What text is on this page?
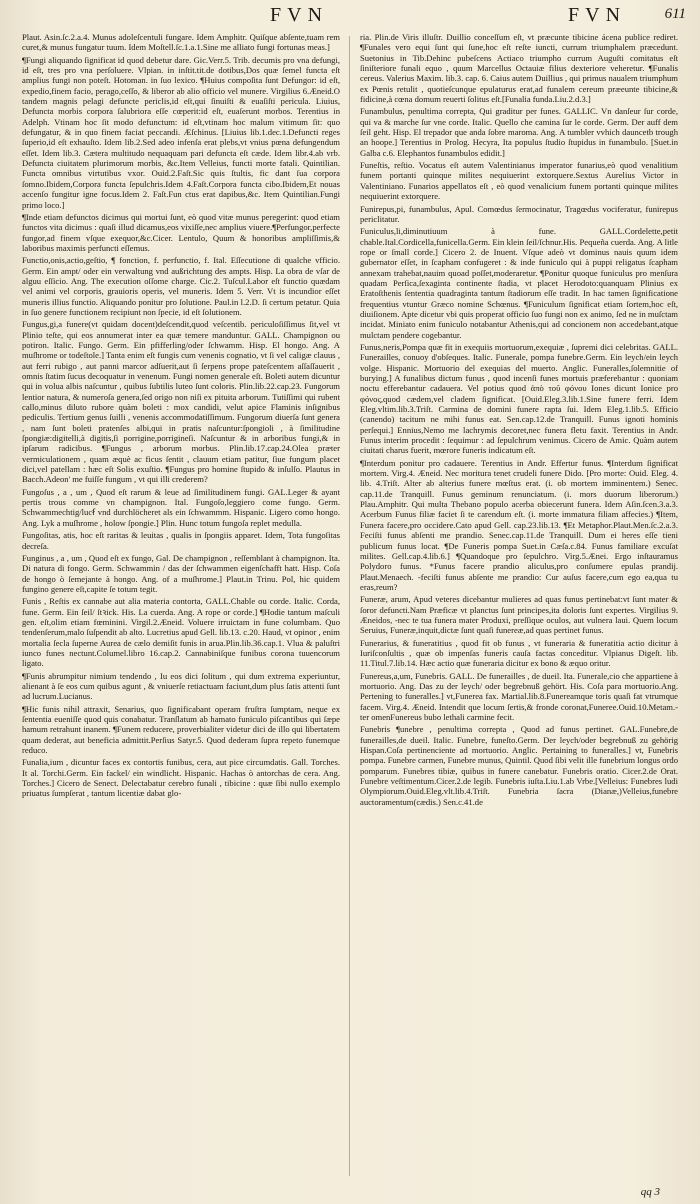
FVN	FVN	611

Plaut. Asin.ſc.2.a.4. Munus adoleſcentuli fungare. Idem Amphitr. Quiſque abſente,tuam rem curet,& munus fungatur tuum. Idem Moſtell.ſc.1.a.1.Sine me alliato fungi fortunas meas.]

¶Fungi aliquando ſignificat id quod debetur dare. Gic.Verr.5. Trib. decumis pro vna defungi, id eſt, tres pro vna perſoluere. Vlpian. in inſtit.tit.de dotibus,Dos quæ ſemel functa eſt amplius fungi non poteſt. Hotoman. in ſuo lexico. ¶Huius compoſita ſunt Defungor: id eſt, expedio,finem facio, perago,ceſſo, & liberor ab alio officio vel munere. Virgilius 6.Æneid.O tandem magnis pelagi defuncte periclis,id eſt,qui ſinuiſti & euaſiſti pericula. Liuius, Defuncta morbis corpora ſalubriora eſſe cœperit:id eſt, euaſerunt morbos. Terentius in Adelph. Vtinam hoc ſit modo defunctum: id eſt,vtinam hoc malum vitimum ſit: quo defungatur, & in quo finem faciat peccandi. Æſchinus. [Liuius lib.1.dec.1.Defuncti reges ſuperio,id eſt exhauſto. Idem lib.2.Sed adeo infenſa erat plebs,vt vnius pœna defungendum eſſet. Idem lib.3. Cætera multitudo nequaquam pari defuncta eſt cæde. Idem libr.4.ab vrb. Defuncta ciuitatem plurimorum morbis, &c.Item Velleius, functi morte fatali. Quintilian. Functa omnibus virtutibus vxor. Ouid.2.Faſt.Sic quis ſtultis, fic dant ſua corpora ſomno.Ibidem,Corpora functa ſepulchris.Idem 4.Faſt.Corpora functa cibo.Ibidem,Et nouas accenſo fungitur igne focus.Idem 2. Faſt.Fun ctus erat dapibus,&c. Item Quintilian.Fungi primo loco.]

¶Inde etiam defunctos dicimus qui mortui ſunt, eò quod vitæ munus peregerint: quod etiam functos vita dicimus : quaſi illud dicamus,eos vixiſſe,nec amplius viuere.¶Perfungor,perfecte fungor,ad finem vſque exequor,&c.Cicer. Lentulo, Quum & honoribus ampliſſimis,& laboribus maximis perfuncti eſſemus.

Functio,onis,actio,geſtio, ¶ fonction, f. perfunctio, f. Ital. Eſſecutione di qualche vfficio. Germ. Ein ampt/ oder ein verwaltung vnd außrichtung des ampts. Hisp. La obra de vſar de alguu eſſicio. Ang. The execution oſſome charge. Cic.2. Tuſcul.Labor eſt functio quædam vel animi vel corporis, grauioris operis, vel muneris. Idem 5. Verr. Vt is incundior eſſet muneris illius functio. Aliquando ponitur pro ſolutione. Paul.in l.2.D. ſi certum petatur. Quia in ſuo genere functionem recipiunt non ſpecie, id eſt ſolutionem.

Fungus,gi,a funere(vt quidam docent)deſcendit,quod veſcentib. periculoſiſſimus ſit,vel vt Plinio teſte, qui eos annumerat inter ea quæ temere manduntur. GALL. Champignon ou potiron. Italic. Fungo. Germ. Ein pfifferling/oder ſchwamm. Hisp. El hongo. Ang. A muſhrome or todeſtole.] Tanta enim eſt fungis cum venenis cognatio, vt ſi vel caligæ clauus , aut ferri rubigo , aut panni marcor adſuerit,aut ſi ſerpens prope pateſcentem aſſaſſauerit , omnis ſtatim ſucus decoquatur in venenum. Fungi nomen generale eſt. Boleti autem dicuntur qui in volua albis naſcuntur , quibus ſubtilis luteo ſunt coloris. Plin.lib.22.cap.23. Fungorum lentior natura, & numeroſa genera,ſed origo non niſi ex pituita arborum. Tutiſſimi qui rubent callo,minus diluto rubore quàm boleti : mox candidi, velut apice Flaminis inſignibus pediculis. Tertium genus ſuilli , venenis accommodatiſſimum. Fungorum diuerſa ſunt genera , nam ſunt boleti pratenſes albi,qui in pratis naſcuntur:ſpongioli , à ſimilitudine ſpongiæ:digitelli,à digitis,ſi porrigine,porrigineſi. Naſcuntur & in arboribus fungi,& in ipſarum radicibus. ¶Fungus , arborum morbus. Plin.lib.17.cap.24.Olea præter vermiculationem , quam æquè ac ficus ſentit , clauum etiam patitur, ſiue fungum placet dici,vel patellam : hæc eſt Solis exuſtio. ¶Fungus pro homine ſtupido & inſulſo. Plautus in Bacch.Adeon' me fuiſſe fungum , vt qui illi crederem?

Fungoſus , a , um , Quod eſt rarum & leue ad ſimilitudinem fungi. GAL.Leger & ayant pertis trous comme vn champignon. Ital. Fungoſo,leggiero come fungo. Germ. Schwammechtig/lucẜ vnd durchlöcheret als ein ſchwammm. Hispanic. Ligero como hongo. Ang. Lyk a muſhrome , holow ſpongie.] Plin. Hunc totum fungoſa replet medulla.

Fungoſitas, atis, hoc eſt raritas & leuitas , qualis in ſpongiis apparet. Idem, Tota fungoſitas decreſa.

Funginus , a , um , Quod eſt ex fungo, Gal. De champignon , reſſemblant à champignon. Ita. Di natura di fongo. Germ. Schwammin / das der ſchwammen eigenſchafft hatt. Hisp. Coſa de hongo ò ſemejante à hongo. Ang. of a muſhrome.] Plaut.in Trinu. Pol, hic quidem fungino genere eſt,capite ſe totum tegit.

Funis , Reſtis ex cannabe aut alia materia contorta, GALL.Chable ou corde. Italic. Corda, fune. Germ. Ein ſeil/ ſtꝛick. His. La cuerda. Ang. A rope or corde.] ¶Hodie tantum maſculi gen. eſt,olim etiam fœminini. Virgil.2.Æneid. Voluere irruictam in fune columbam. Quo tendenſerum,malo ſuſpendit ab alto. Lucretius apud Gell. lib.13. c.20. Haud, vt opinor , enim mortalia ſecla ſuperne Aurea de cælo demiſit funis in arua.Plin.lib.36.cap.1. Vlua & paluſtri iunco funes nectunt.Columel.libro 16.cap.2. Cannabiniſque funibus corona tuuencorum ligato.

¶Funis abrumpitur nimium tendendo , Iu eos dici ſolitum , qui dum extrema experiuntur, alienant à ſe eos cum quibus agunt , & vniuerſe retiactuam faciunt,dum plus ſatis attenti ſunt ad lucrum.Lucianus.

¶Hic funis nihil attraxit, Senarius, quo ſignificabant operam fruſtra ſumptam, neque ex ſententia eueniſſe quod quis conabatur. Tranſlatum ab hamato funiculo piſcantibus qui ſæpe hamum retrahunt inanem. ¶Funem reducere, proverbialiter videtur dici de illo qui libertatem quam dederat, aut beneficia admittit.Perſius Satyr.5. Quod dederam ſupra repeto funemque reduco.

Funalia,ium , dicuntur faces ex contortis funibus, cera, aut pice circumdatis. Gall. Torches. It al. Torchi.Germ. Ein fackel/ ein windlicht. Hispanic. Hachas ò antorchas de cera. Ang. Torches.] Cicero de Senect. Delectabatur cerebro funali , tibicine : quæ ſibi nullo exemplo priuatus ſumpſerat , tantum licentiæ dabat glo-

ria. Plin.de Viris illuſtr. Duillio conceſſum eſt, vt præcunte tibicine ácena publice rediret. ¶Funales vero equi ſunt qui ſune,hoc eſt reſte iuncti, currum triumphalem præcedunt. Suetonius in Tib.Dehinc pubeſcens Actiaco triumpho currum Auguſti comitatus eſt ſiniſteriore funali equo , quum Marcellus Octauiæ filius dexteriore veheretur. ¶Funalis cereus. Valerius Maxim. lib.3. cap. 6. Caius autem Duillius , qui primus naualem triumphum ex Pœnis retulit , quotieſcunque epulaturus erat,ad funalem cereum præeunte tibicine,& fidicine,à cœna domum reuerti ſolitus eſt.[Funalia funda.Liu.2.d.3.]

Funambulus, penultima correpta, Qui graditur per funes. GALLIC. Vn danſeur ſur corde, qui va & marche ſur vne corde. Italic. Quello che camina ſur le corde. Germ. Der auff dem ſeil geht. Hisp. El trepador que anda ſobre maroma. Ang. A tumbler vvhich dauncetb trough an hoope.] Terentius in Prolog. Hecyra, Ita populus ſtudio ſtupidus in funambulo. [Suet.in Galba c.6. Elephantos funambulos edidit.]

Funeſtis, reſtio. Vocatus eſt autem Valentinianus imperator funarius,eò quod venalitium funem portanti quinque milites nequiuerint extorquere.Sextus Aurelius Victor in Valentiniano. Funarios appellatos eſt , eò quod venalicium funem portanti quinque milites nequiuerint extorquere.

Funirepus,pi, funambulus, Apul. Comœdus ſermocinatur, Tragœdus vociferatur, funirepus periclitatur.

Funiculus,li,diminutiuum à fune. GALL.Cordelette,petit chable.Ital.Cordicella,funicella.Germ. Ein klein ſeil/ſchnur.His. Pequeña cuerda. Ang. A litle rope or ſmall corde.] Cicero 2. de Inuent. Vſque adeò vt dominus nauis quum idem gubernator eſſet, in ſcapham confugeret : & inde funiculo qui à puppi religatus ſcapham annexam trahebat,nauim quoad poſſet,moderaretur. ¶Ponitur quoque funiculus pro menſura quadam Perſica,ſexaginta continente ſtadia, vt placet Herodoto:quanquam Plinius ex Eratoſthenis ſententia quadraginta tantum ſtadiorum eſſe tradit. In hac tamen ſignificatione frequentius vtuntur Græco nomine Schœnus. ¶Funiculum ſignificat etiam ſortem,hoc eſt, diuiſionem. Apte dicetur vbi quis properat officio ſuo fungi non ex animo, ſed ne in muſctam incidat. Miniato enim funiculo notabantur Athenis,qui ad concionem non accedebant,atque mulctam pendere cogebantur.

Funus,neris,Pompa quæ fit in exequiis mortuorum,exequiæ , ſupremi dici celebritas. GALL. Funerailles, conuoy d'obſeques. Italic. Funerale, pompa funebre.Germ. Ein leych/ein leych volge. Hispanic. Mortuorio del exequias del muerto. Anglic. Funeralles,ſolemnitie of burying.] A funalibus dictum funus , quod incenſi funes mortuis præferebantur : quoniam noctu efferebantur cadauera. Vel potius quod ἀπὸ τοῦ φόνου Iones dicunt Ionice pro φόνος,quod cædem,vel cladem ſignificat. [Ouid.Eleg.3.lib.1.Sine funere ferri. Idem Eleg.vltim.lib.3.Triſt. Carmina de domini funere rapta ſui. Idem Eleg.1.lib.5. Efficio (canendo) tacitum ne mihi funus eat. Sen.cap.12.de Tranquill. Funus ignoti hominis perſequi.] Ennius,Nemo me lachrymis decoret,nec funera fletu faxit. Terentius in Andr. Funus interim procedit : ſequimur : ad ſepulchrum venimus. Cicero de Amic. Quàm autem ciuitati charus fuerit, mœrore funeris indicatum eſt.

¶Interdum ponitur pro cadauere. Terentius in Andr. Effertur funus. ¶Interdum ſignificat mortem. Virg.4. Æneid. Nec moritura tenet crudeli funere Dido. [Pro morte: Ouid. Eleg. 4. lib. 4.Triſt. Alter ab alterius funere mœſtus erat. (i. ob mortem imminentem.) Senec. cap.11.de Tranquill. Funus geminum renunciatum. (i. mors duorum liberorum.) Plau.Amphitr. Qui multa Thebano populo acerba obiecerunt funera. Idem Aſin.ſcen.3.a.3. Acerbum Funus filiæ faciet ſi te carendum eſt. (i. morte immatura filiam affecies.) ¶Item, Funera facere,pro occidere.Cato apud Gell. cap.23.lib.13. ¶Et Metaphor.Plaut.Men.ſc.2.a.3. Feciſti funus abſenti me prandio. Senec.cap.11.de Tranquill. Dum ei heres eſſe tieni publicum funus locat. ¶De Funeris pompa Suet.in Cæſa.c.84. Funus familiare excuſat milites. Gell.cap.4.lib.6.] ¶Quandoque pro ſepulchro. Virg.5.Ænei. Ergo inſtauramus Polydoro funus. *Funus facere prandio aliculus,pro conſumere epulas prandij. Plaut.Menaech. -feciſti funus abſente me prandio: Cur auſus facere,cum ego ea,qua tu eras,reum?

Funeræ, arum, Apud veteres dicebantur mulieres ad quas funus pertinebat:vt ſunt mater & ſoror defuncti.Nam Præficæ vt planctus ſunt principes,ita doloris ſunt expertes. Virgilius 9. Æneidos, -nec te tua funera mater Produxi, preſſique oculos, aut vulnera laui. Quem locum Seruius, Funeræ,inquit,dictæ ſunt quaſi funereæ,ad quas pertinet funus.

Funerarius, & funeratitius , quod fit ob funus , vt funeraria & funeratitia actio dicitur à Iuriſconſultis , quæ ob impenſas funeris cauſa factas conceditur. Vlpianus Digeſt. lib. 11.Titul.7.lib.14. Hæc actio quæ funeraria dicitur ex bono & æquo oritur.

Funereus,a,um, Funebris. GALL. De funerailles , de dueil. Ita. Funerale,cio che appartiene à mortuorio. Ang. Das zu der leych/ oder begrebnuß gehört. His. Coſa para mortuorio.Ang. Pertening to funeralles.] vt,Funerea fax. Martial.lib.8.Funereamque toris quaſi fat vtrumque facem. Virg.4. Æneid. Intendit que locum ſertis,& fronde coronat,Funeree.Ouid.10.Metam.-ter omenFunereus bubo lethali carmine fecit.

Funebris ¶unebre , penultima correpta , Quod ad funus pertinet. GAL.Funebre,de funerailles,de dueil. Italic. Funebre, funeſto.Germ. Der leych/oder begrebnuß zu gehörig Hispan.Coſa pertinenciente ad mortuorio. Anglic. Pertaining to funeralles.] vt, Funebris pompa. Funebre carmen, Funebre munus, Quintil. Quod ſibi velit ille funebrium longus ordo pomparum. Funebres tibiæ, quibus in funere canebatur. Funebris oratio. Cicer.2.de Orat. Funebre veſtimentum.Cicer.2.de legib. Funebris iuſta.Liu.1.ab Vrbe.[Velleius: Funebres ludi Olympiorum.Ouid.Eleg.vlt.lib.4.Triſt. Funebria ſacra (Dianæ,)Velleius,funebre auctoramentum(cædis.) Sen.c.41.de

qq 3
